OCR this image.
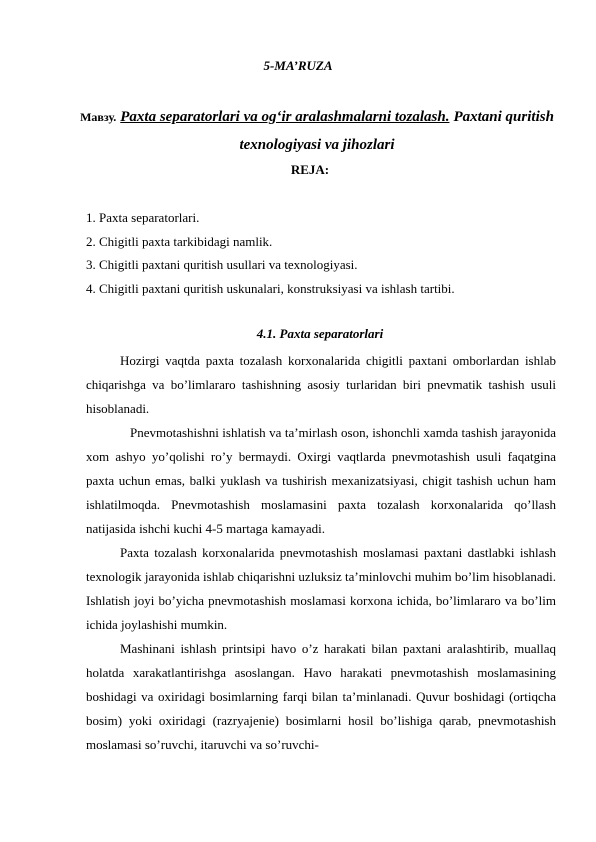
5-MA’RUZA
Мавзу. Paxta separatorlari va og‘ir aralashmalarni tozalash. Paxtani quritish texnologiyasi va jihozlari
REJA:
1. Paxta separatorlari.
2. Chigitli paxta tarkibidagi namlik.
3. Chigitli paxtani quritish usullari va texnologiyasi.
4. Chigitli paxtani quritish uskunalari, konstruksiyasi va ishlash tartibi.
4.1. Paxta separatorlari

Hozirgi vaqtda paxta tozalash korxonalarida chigitli paxtani omborlardan ishlab chiqarishga va bo’limlararo tashishning asosiy turlaridan biri pnevmatik tashish usuli hisoblanadi.

Pnevmotashishni ishlatish va ta’mirlash oson, ishonchli xamda tashish jarayonida xom ashyo yo’qolishi ro’y bermaydi. Oxirgi vaqtlarda pnevmotashish usuli faqatgina paxta uchun emas, balki yuklash va tushirish mexanizatsiyasi, chigit tashish uchun ham ishlatilmoqda. Pnevmotashish moslamasini paxta tozalash korxonalarida qo’llash natijasida ishchi kuchi 4-5 martaga kamayadi.

Paxta tozalash korxonalarida pnevmotashish moslamasi paxtani dastlabki ishlash texnologik jarayonida ishlab chiqarishni uzluksiz ta’minlovchi muhim bo’lim hisoblanadi. Ishlatish joyi bo’yicha pnevmotashish moslamasi korxona ichida, bo’limlararo va bo’lim ichida joylashishi mumkin.

Mashinani ishlash printsipi havo o’z harakati bilan paxtani aralashtirib, muallaq holatda xarakatlantirishga asoslangan. Havo harakati pnevmotashish moslamasining boshidagi va oxiridagi bosimlarning farqi bilan ta’minlanadi. Quvur boshidagi (ortiqcha bosim) yoki oxiridagi (razryajenie) bosimlarni hosil bo’lishiga qarab, pnevmotashish moslamasi so’ruvchi, itaruvchi va so’ruvchi-
